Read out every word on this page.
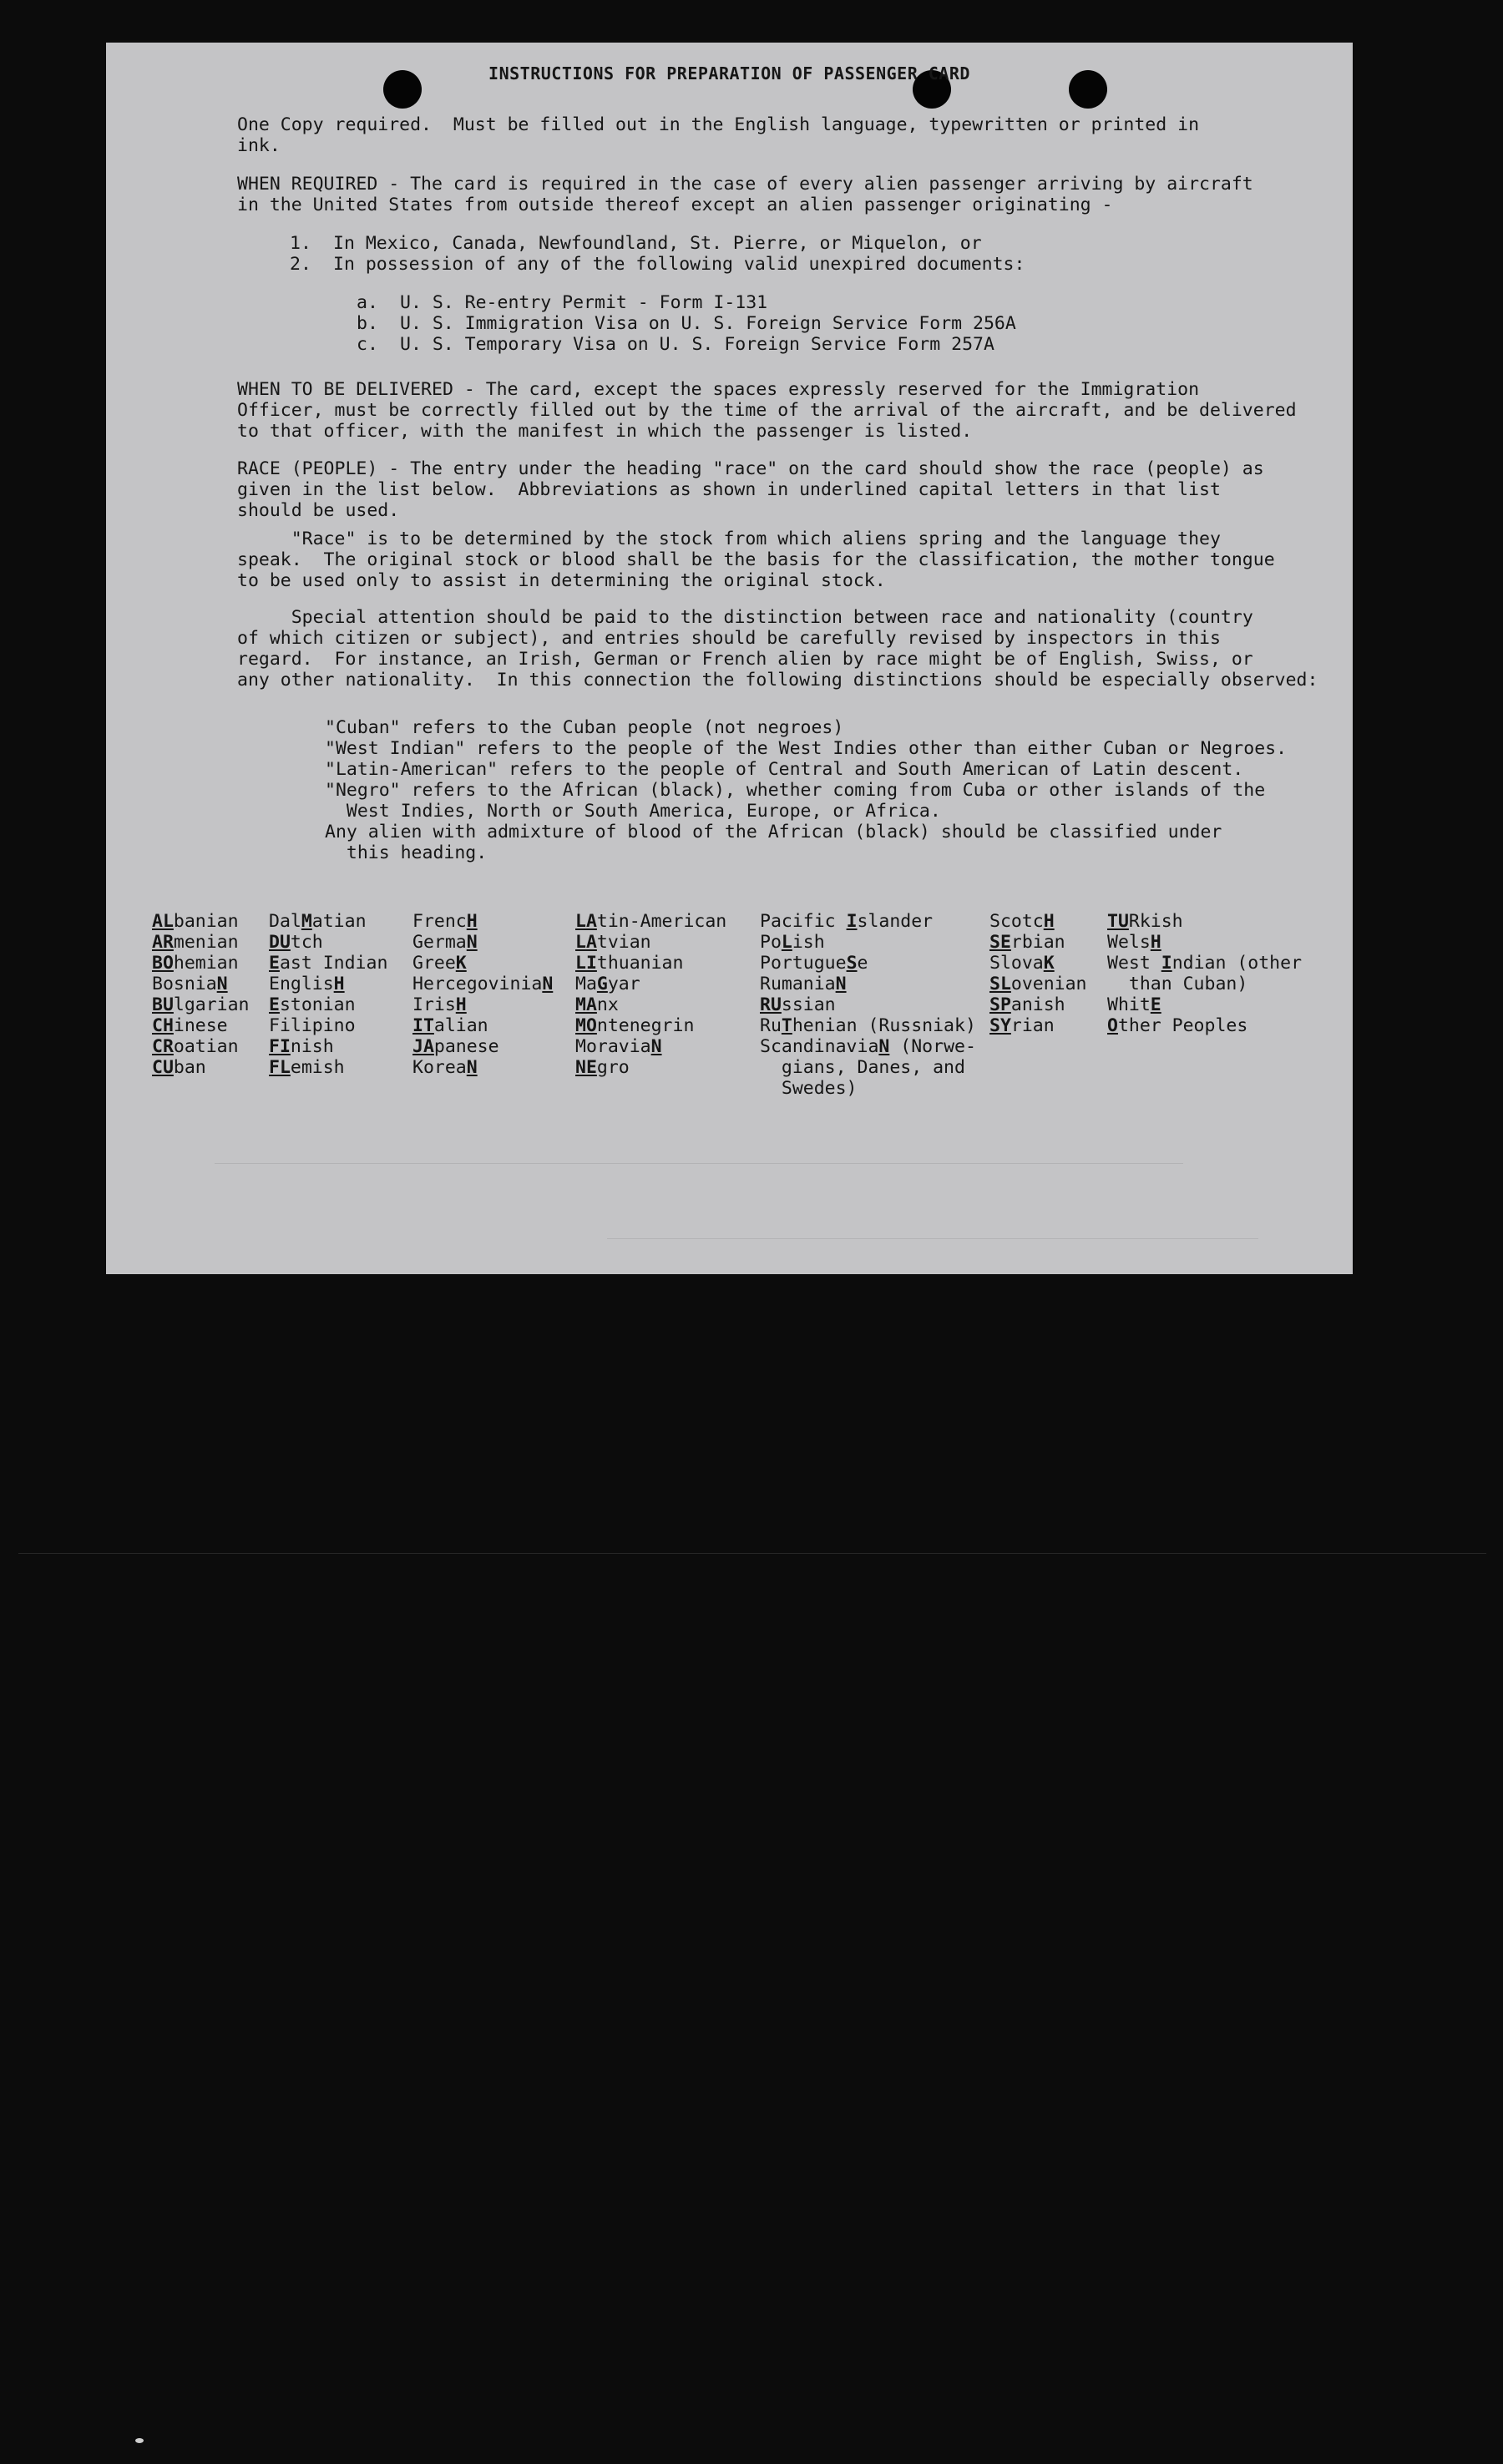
INSTRUCTIONS FOR PREPARATION OF PASSENGER CARD
One Copy required.  Must be filled out in the English language, typewritten or printed in
ink.
WHEN REQUIRED - The card is required in the case of every alien passenger arriving by aircraft
in the United States from outside thereof except an alien passenger originating -
1. In Mexico, Canada, Newfoundland, St. Pierre, or Miquelon, or
2. In possession of any of the following valid unexpired documents:
a. U. S. Re-entry Permit - Form I-131
b. U. S. Immigration Visa on U. S. Foreign Service Form 256A
c. U. S. Temporary Visa on U. S. Foreign Service Form 257A
WHEN TO BE DELIVERED - The card, except the spaces expressly reserved for the Immigration
Officer, must be correctly filled out by the time of the arrival of the aircraft, and be delivered
to that officer, with the manifest in which the passenger is listed.
RACE (PEOPLE) - The entry under the heading "race" on the card should show the race (people) as
given in the list below.  Abbreviations as shown in underlined capital letters in that list
should be used.
"Race" is to be determined by the stock from which aliens spring and the language they
speak.  The original stock or blood shall be the basis for the classification, the mother tongue
to be used only to assist in determining the original stock.
Special attention should be paid to the distinction between race and nationality (country
of which citizen or subject), and entries should be carefully revised by inspectors in this
regard.  For instance, an Irish, German or French alien by race might be of English, Swiss, or
any other nationality.  In this connection the following distinctions should be especially observed:
"Cuban" refers to the Cuban people (not negroes)
"West Indian" refers to the people of the West Indies other than either Cuban or Negroes.
"Latin-American" refers to the people of Central and South American of Latin descent.
"Negro" refers to the African (black), whether coming from Cuba or other islands of the
West Indies, North or South America, Europe, or Africa.
Any alien with admixture of blood of the African (black) should be classified under
this heading.
ALbanian
ARmenian
BOhemian
BosniaN
BUlgarian
CHinese
CRoatian
CUban
DalMatian
DUtch
East Indian
EnglisH
Estonian
Filipino
FInish
FLemish
FrencH
GermaN
GreeK
HercegoviniaN
IrisH
ITalian
JApanese
KoreaN
LAtin-American
LAtvian
LIthuanian
MaGyar
MAnx
MOntenegrin
MoraviaN
NEgro
Pacific Islander
PoLish
PortugueSe
RumaniaN
RUssian
RuThenian (Russniak)
ScandinaviaN (Norwe-
gians, Danes, and
Swedes)
ScotcH
SErbian
SlovaK
SLovenian
SPanish
SYrian
TURkish
WelsH
West Indian (other
than Cuban)
WhitE
Other Peoples
